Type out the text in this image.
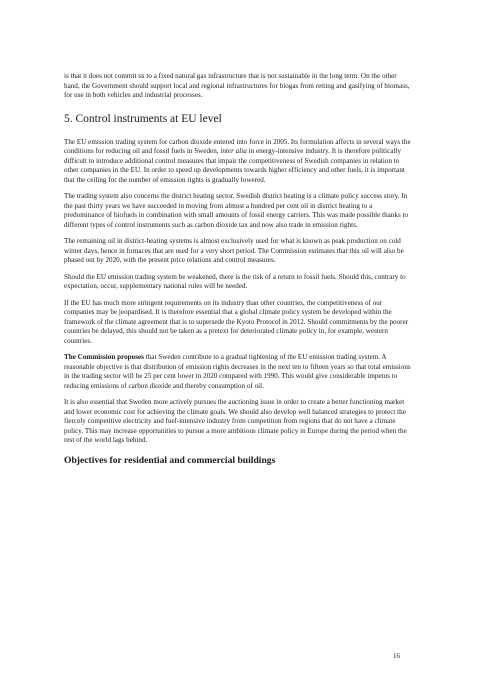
is that it does not commit us to a fixed natural gas infrastructure that is not sustainable in the long term. On the other hand, the Government should support local and regional infrastructures for biogas from retting and gasifying of biomass, for use in both vehicles and industrial processes.

5. Control instruments at EU level

The EU emission trading system for carbon dioxide entered into force in 2005. Its formulation affects in several ways the conditions for reducing oil and fossil fuels in Sweden, inter alia in energy-intensive industry. It is therefore politically difficult to introduce additional control measures that impair the competitiveness of Swedish companies in relation to other companies in the EU. In order to speed up developments towards higher efficiency and other fuels, it is important that the ceiling for the number of emission rights is gradually lowered.

The trading system also concerns the district heating sector. Swedish district heating is a climate policy success story. In the past thirty years we have succeeded in moving from almost a hundred per cent oil in district heating to a predominance of biofuels in combination with small amounts of fossil energy carriers. This was made possible thanks to different types of control instruments such as carbon dioxide tax and now also trade in emission rights.

The remaining oil in district-heating systems is almost exclusively used for what is known as peak production on cold winter days, hence in furnaces that are used for a very short period. The Commission estimates that this oil will also be phased out by 2020, with the present price relations and control measures.

Should the EU emission trading system be weakened, there is the risk of a return to fossil fuels. Should this, contrary to expectation, occur, supplementary national rules will be needed.

If the EU has much more stringent requirements on its industry than other countries, the competitiveness of our companies may be jeopardised. It is therefore essential that a global climate policy system be developed within the framework of the climate agreement that is to supersede the Kyoto Protocol in 2012. Should commitments by the poorer countries be delayed, this should not be taken as a pretext for deteriorated climate policy in, for example, western countries.

The Commission proposes that Sweden contribute to a gradual tightening of the EU emission trading system. A reasonable objective is that distribution of emission rights decreases in the next ten to fifteen years so that total emissions in the trading sector will be 25 per cent lower in 2020 compared with 1990. This would give considerable impetus to reducing emissions of carbon dioxide and thereby consumption of oil.

It is also essential that Sweden more actively pursues the auctioning issue in order to create a better functioning market and lower economic cost for achieving the climate goals. We should also develop well balanced strategies to protect the fiercely competitive electricity and fuel-intensive industry from competition from regions that do not have a climate policy. This may increase opportunities to pursue a more ambitious climate policy in Europe during the period when the rest of the world lags behind.

Objectives for residential and commercial buildings
16
